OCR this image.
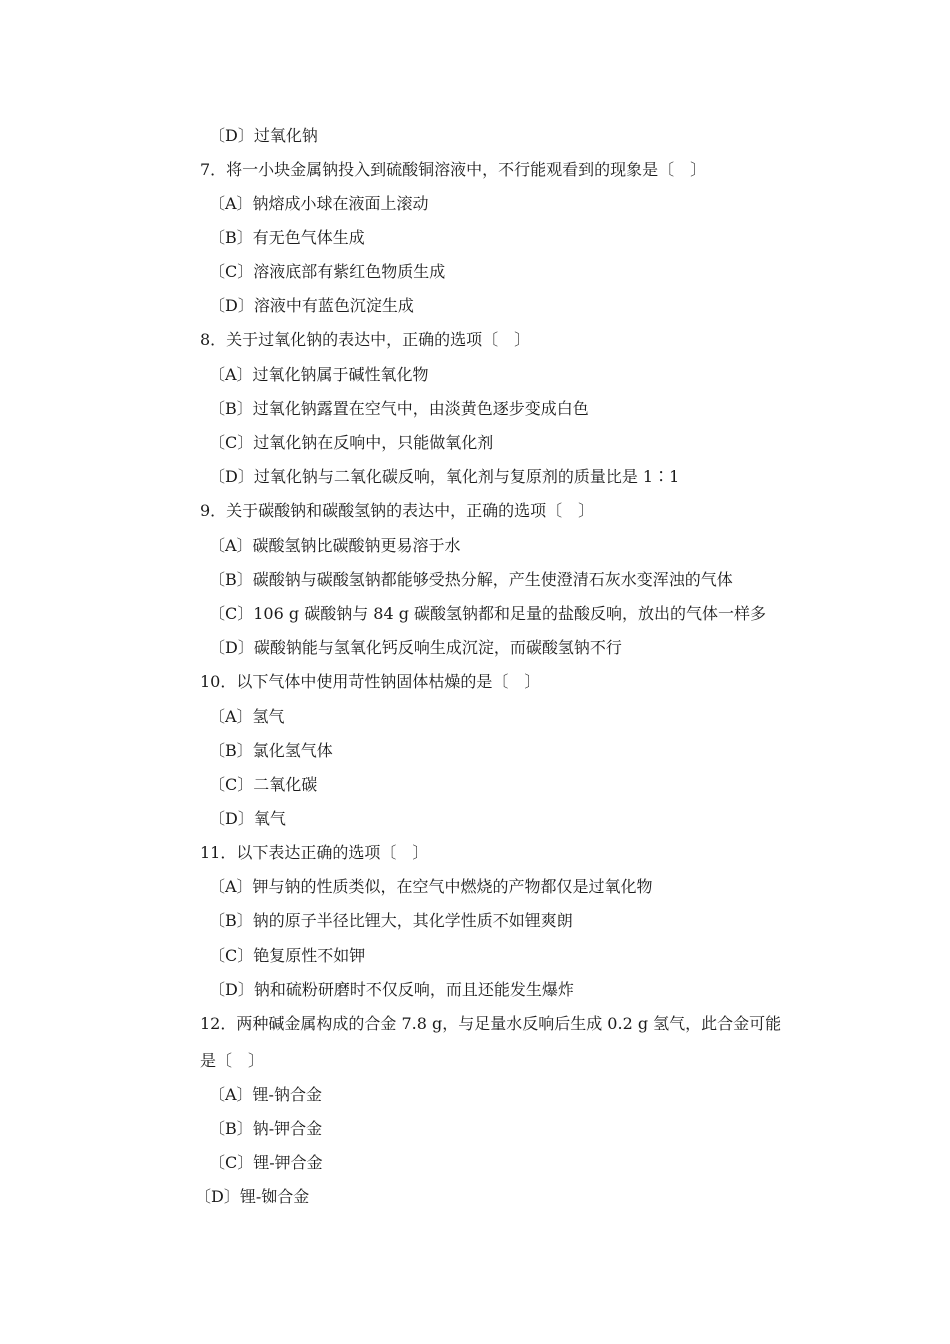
〔D〕过氧化钠
7．将一小块金属钠投入到硫酸铜溶液中，不行能观看到的现象是〔　〕
〔A〕钠熔成小球在液面上滚动
〔B〕有无色气体生成
〔C〕溶液底部有紫红色物质生成
〔D〕溶液中有蓝色沉淀生成
8．关于过氧化钠的表达中，正确的选项〔　〕
〔A〕过氧化钠属于碱性氧化物
〔B〕过氧化钠露置在空气中，由淡黄色逐步变成白色
〔C〕过氧化钠在反响中，只能做氧化剂
〔D〕过氧化钠与二氧化碳反响，氧化剂与复原剂的质量比是 1∶1
9．关于碳酸钠和碳酸氢钠的表达中，正确的选项〔　〕
〔A〕碳酸氢钠比碳酸钠更易溶于水
〔B〕碳酸钠与碳酸氢钠都能够受热分解，产生使澄清石灰水变浑浊的气体
〔C〕106 g 碳酸钠与 84 g 碳酸氢钠都和足量的盐酸反响，放出的气体一样多
〔D〕碳酸钠能与氢氧化钙反响生成沉淀，而碳酸氢钠不行
10．以下气体中使用苛性钠固体枯燥的是〔　〕
〔A〕氢气
〔B〕氯化氢气体
〔C〕二氧化碳
〔D〕氧气
11．以下表达正确的选项〔　〕
〔A〕钾与钠的性质类似，在空气中燃烧的产物都仅是过氧化物
〔B〕钠的原子半径比锂大，其化学性质不如锂爽朗
〔C〕铯复原性不如钾
〔D〕钠和硫粉研磨时不仅反响，而且还能发生爆炸
12．两种碱金属构成的合金 7.8 g，与足量水反响后生成 0.2 g 氢气，此合金可能
是〔　〕
〔A〕锂-钠合金
〔B〕钠-钾合金
〔C〕锂-钾合金
〔D〕锂-铷合金
